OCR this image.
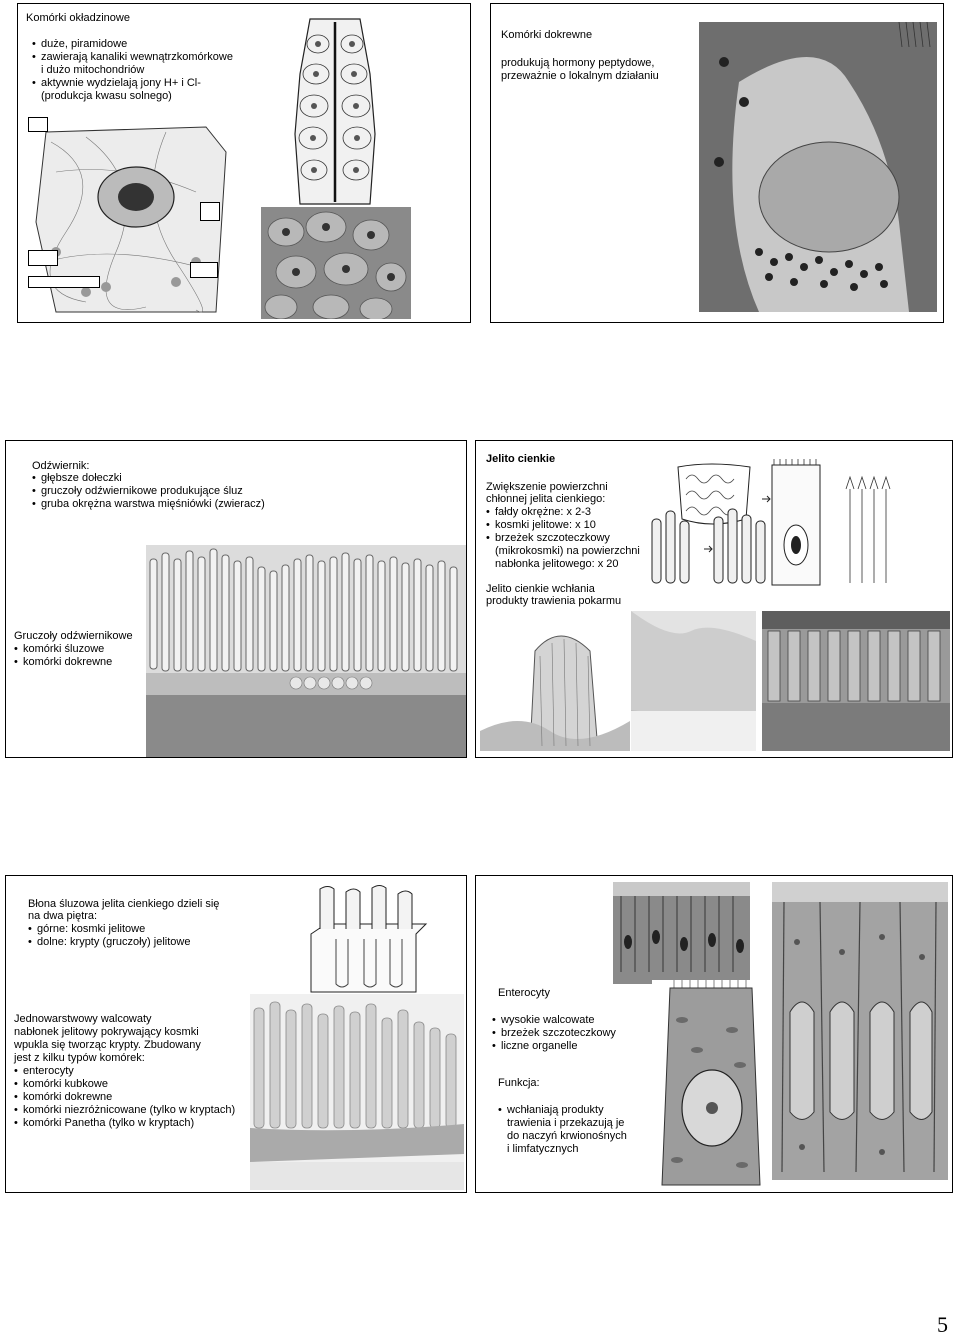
Komórki okładzinowe
• duże, piramidowe
• zawierają kanaliki wewnątrzkomórkowe
i dużo mitochondriów
• aktywnie wydzielają jony H+ i Cl-
(produkcja kwasu solnego)
Komórki dokrewne
produkują hormony peptydowe,
przeważnie o lokalnym działaniu
Odźwiernik:
• głębsze dołeczki
• gruczoły odźwiernikowe produkujące śluz
• gruba okrężna warstwa mięśniówki (zwieracz)
Gruczoły odźwiernikowe
• komórki śluzowe
• komórki dokrewne
Jelito cienkie
Zwiększenie powierzchni
chłonnej jelita cienkiego:
• fałdy okrężne: x 2-3
• kosmki jelitowe: x 10
• brzeżek szczoteczkowy
(mikrokosmki) na powierzchni
nabłonka jelitowego: x 20
Jelito cienkie wchłania
produkty trawienia pokarmu
Błona śluzowa jelita cienkiego dzieli się
na dwa piętra:
• górne: kosmki jelitowe
• dolne: krypty (gruczoły) jelitowe
Jednowarstwowy walcowaty
nabłonek jelitowy pokrywający kosmki
wpukla się tworząc krypty. Zbudowany
jest z kilku typów komórek:
• enterocyty
• komórki kubkowe
• komórki dokrewne
• komórki niezróżnicowane (tylko w kryptach)
• komórki Panetha (tylko w kryptach)
Enterocyty
• wysokie walcowate
• brzeżek szczoteczkowy
• liczne organelle
Funkcja:
• wchłaniają produkty
trawienia i przekazują je
do naczyń krwionośnych
i limfatycznych
5
